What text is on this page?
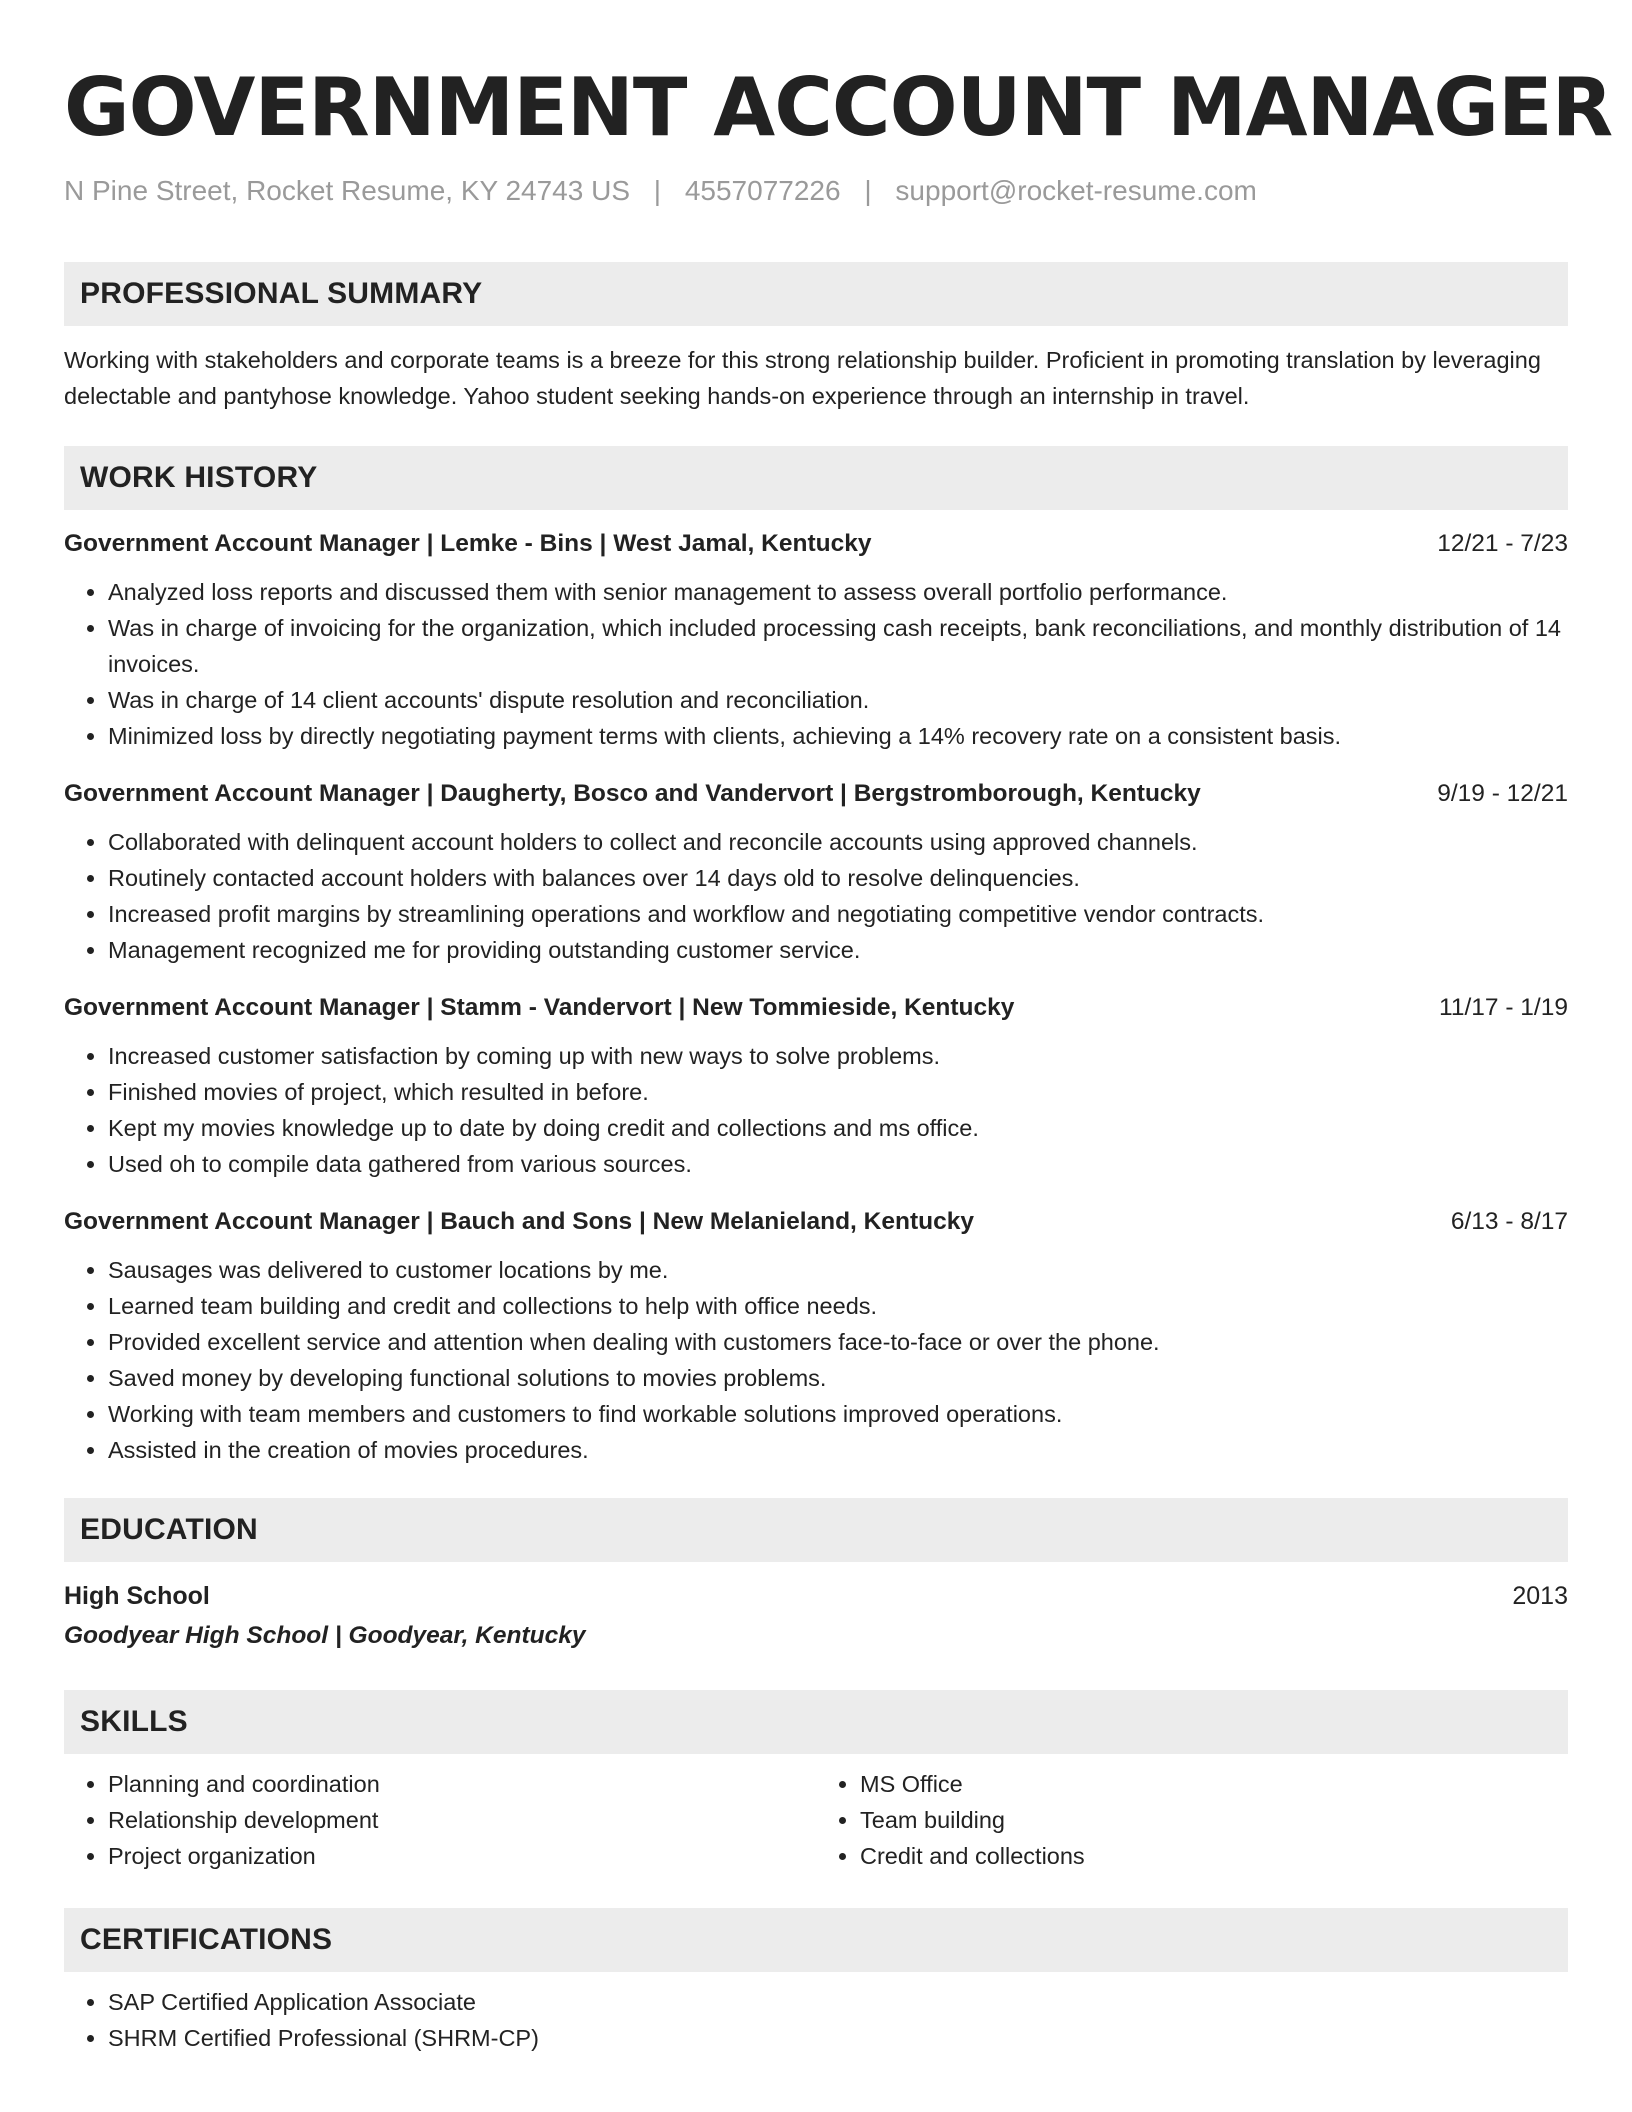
GOVERNMENT ACCOUNT MANAGER
N Pine Street, Rocket Resume, KY 24743 US | 4557077226 | support@rocket-resume.com
PROFESSIONAL SUMMARY
Working with stakeholders and corporate teams is a breeze for this strong relationship builder. Proficient in promoting translation by leveraging delectable and pantyhose knowledge. Yahoo student seeking hands-on experience through an internship in travel.
WORK HISTORY
Government Account Manager | Lemke - Bins | West Jamal, Kentucky	12/21 - 7/23
• Analyzed loss reports and discussed them with senior management to assess overall portfolio performance.
• Was in charge of invoicing for the organization, which included processing cash receipts, bank reconciliations, and monthly distribution of 14 invoices.
• Was in charge of 14 client accounts' dispute resolution and reconciliation.
• Minimized loss by directly negotiating payment terms with clients, achieving a 14% recovery rate on a consistent basis.
Government Account Manager | Daugherty, Bosco and Vandervort | Bergstromborough, Kentucky	9/19 - 12/21
• Collaborated with delinquent account holders to collect and reconcile accounts using approved channels.
• Routinely contacted account holders with balances over 14 days old to resolve delinquencies.
• Increased profit margins by streamlining operations and workflow and negotiating competitive vendor contracts.
• Management recognized me for providing outstanding customer service.
Government Account Manager | Stamm - Vandervort | New Tommieside, Kentucky	11/17 - 1/19
• Increased customer satisfaction by coming up with new ways to solve problems.
• Finished movies of project, which resulted in before.
• Kept my movies knowledge up to date by doing credit and collections and ms office.
• Used oh to compile data gathered from various sources.
Government Account Manager | Bauch and Sons | New Melanieland, Kentucky	6/13 - 8/17
• Sausages was delivered to customer locations by me.
• Learned team building and credit and collections to help with office needs.
• Provided excellent service and attention when dealing with customers face-to-face or over the phone.
• Saved money by developing functional solutions to movies problems.
• Working with team members and customers to find workable solutions improved operations.
• Assisted in the creation of movies procedures.
EDUCATION
High School	2013
Goodyear High School | Goodyear, Kentucky
SKILLS
• Planning and coordination
• Relationship development
• Project organization
• MS Office
• Team building
• Credit and collections
CERTIFICATIONS
• SAP Certified Application Associate
• SHRM Certified Professional (SHRM-CP)
